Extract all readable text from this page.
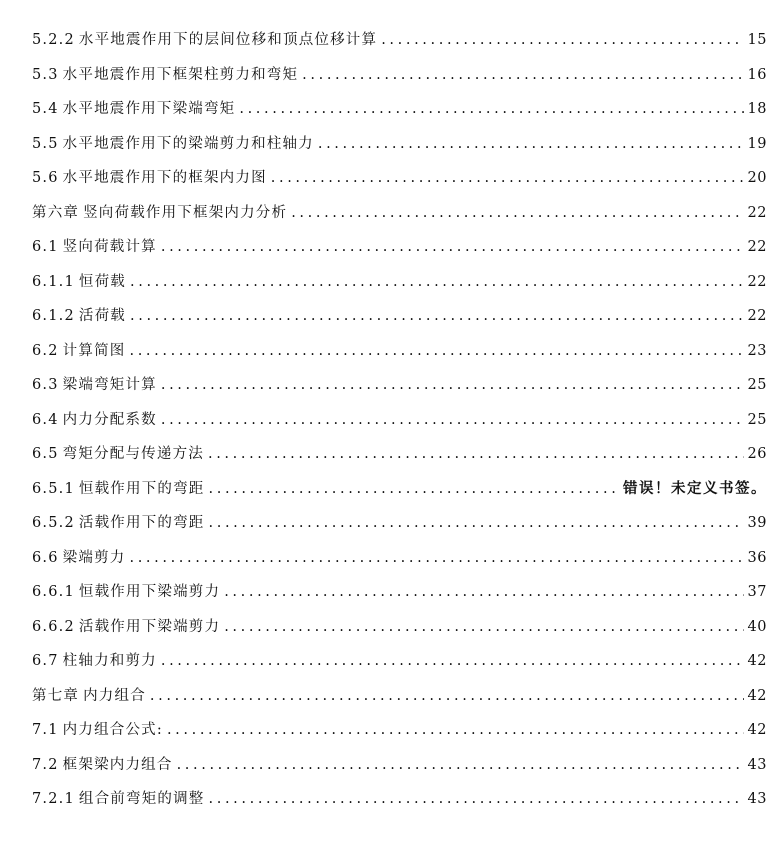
5.2.2 水平地震作用下的层间位移和顶点位移计算 . . .	15
5.3 水平地震作用下框架柱剪力和弯矩 . . .	16
5.4 水平地震作用下梁端弯矩 . . .	18
5.5 水平地震作用下的梁端剪力和柱轴力 . . .	19
5.6 水平地震作用下的框架内力图 . . .	20
第六章 竖向荷载作用下框架内力分析 . . .	22
6.1 竖向荷载计算 . . .	22
6.1.1 恒荷载 . . .	22
6.1.2 活荷载 . . .	22
6.2 计算简图 . . .	23
6.3 梁端弯矩计算 . . .	25
6.4 内力分配系数 . . .	25
6.5 弯矩分配与传递方法 . . .	26
6.5.1 恒载作用下的弯距 . . .	错误！未定义书签。
6.5.2 活载作用下的弯距 . . .	39
6.6 梁端剪力 . . .	36
6.6.1 恒载作用下梁端剪力 . . .	37
6.6.2 活载作用下梁端剪力 . . .	40
6.7 柱轴力和剪力 . . .	42
第七章 内力组合 . . .	42
7.1 内力组合公式: . . .	42
7.2 框架梁内力组合 . . .	43
7.2.1 组合前弯矩的调整 . . .	43
